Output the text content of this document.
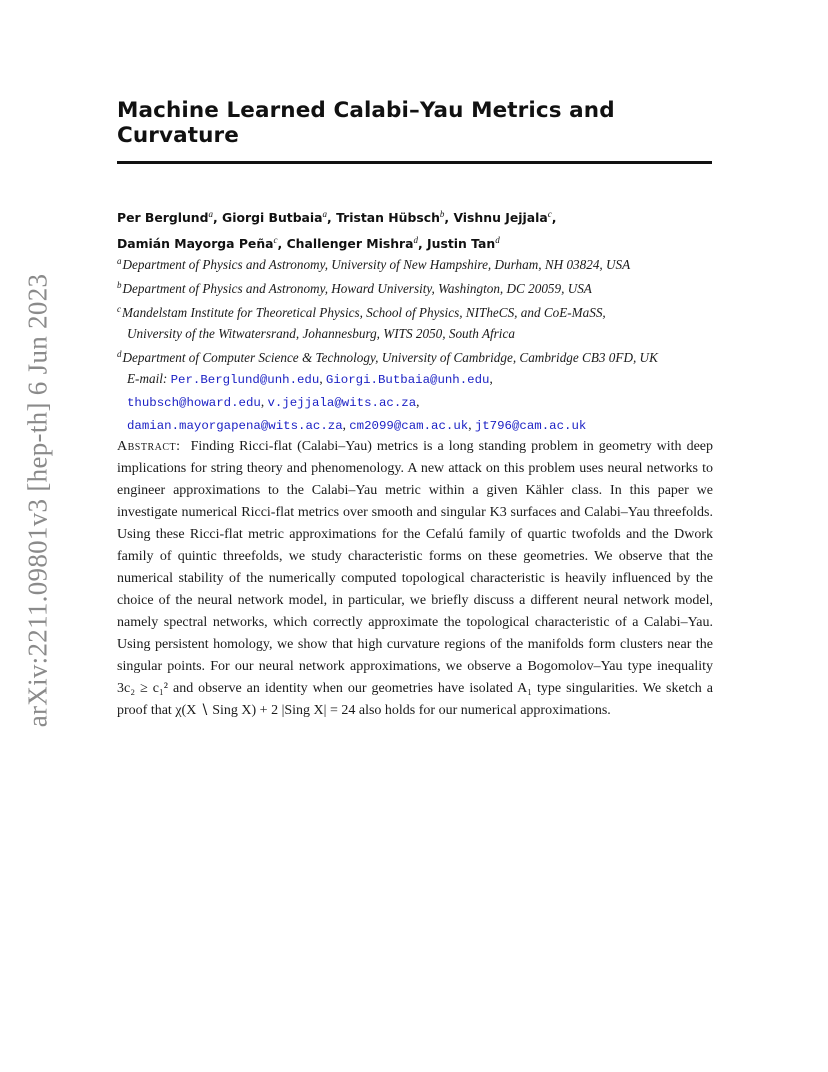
arXiv:2211.09801v3 [hep-th] 6 Jun 2023
Machine Learned Calabi–Yau Metrics and Curvature
Per Berglund$^a$, Giorgi Butbaia$^a$, Tristan Hübsch$^b$, Vishnu Jejjala$^c$,
Damián Mayorga Peña$^c$, Challenger Mishra$^d$, Justin Tan$^d$
$^a$Department of Physics and Astronomy, University of New Hampshire, Durham, NH 03824, USA
$^b$Department of Physics and Astronomy, Howard University, Washington, DC 20059, USA
$^c$Mandelstam Institute for Theoretical Physics, School of Physics, NITheCS, and CoE-MaSS,
University of the Witwatersrand, Johannesburg, WITS 2050, South Africa
$^d$Department of Computer Science & Technology, University of Cambridge, Cambridge CB3 0FD, UK
E-mail: Per.Berglund@unh.edu, Giorgi.Butbaia@unh.edu,
thubsch@howard.edu, v.jejjala@wits.ac.za,
damian.mayorgapena@wits.ac.za, cm2099@cam.ac.uk, jt796@cam.ac.uk
Abstract: Finding Ricci-flat (Calabi–Yau) metrics is a long standing problem in geometry with deep implications for string theory and phenomenology. A new attack on this problem uses neural networks to engineer approximations to the Calabi–Yau metric within a given Kähler class. In this paper we investigate numerical Ricci-flat metrics over smooth and singular K3 surfaces and Calabi–Yau threefolds. Using these Ricci-flat metric approximations for the Cefalú family of quartic twofolds and the Dwork family of quintic threefolds, we study characteristic forms on these geometries. We observe that the numerical stability of the numerically computed topological characteristic is heavily influenced by the choice of the neural network model, in particular, we briefly discuss a different neural network model, namely spectral networks, which correctly approximate the topological characteristic of a Calabi–Yau. Using persistent homology, we show that high curvature regions of the manifolds form clusters near the singular points. For our neural network approximations, we observe a Bogomolov–Yau type inequality 3c₂ ≥ c₁² and observe an identity when our geometries have isolated A₁ type singularities. We sketch a proof that χ(X ∖ Sing X) + 2 |Sing X| = 24 also holds for our numerical approximations.
